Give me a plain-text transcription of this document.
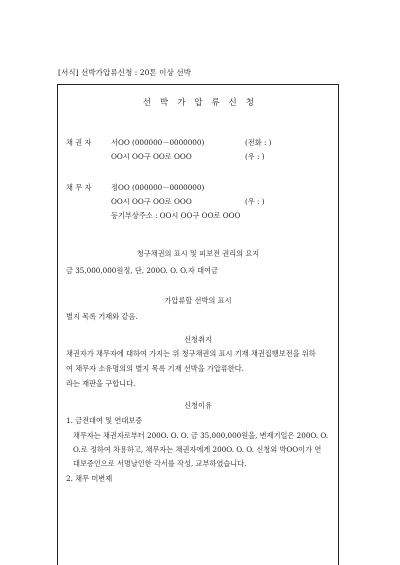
[서식] 선박가압류신청 : 20톤 이상 선박
선 박 가 압 류 신 청
채 권 자	서OO (000000－0000000)	(전화 : )
OO시 OO구 OO로 OOO	(우 : )
채 무 자	정OO (000000－0000000)
OO시 OO구 OO로 OOO	(우 : )
등기부상주소 : OO시 OO구 OO로 OOO
청구채권의 표시 및 피보전 권리의 요지
금 35,000,000원정, 단, 200O. O. O.자 대여금
가압류할 선박의 표시
별지 목록 기재와 같음.
신청취지
채권자가 채무자에 대하여 가지는 위 청구채권의 표시 기재 채권집행보전을 위하
여 채무자 소유명의의 별지 목록 기재 선박을 가압류한다.
라는 재판을 구합니다.
신청이유
1. 금전대여 및 연대보증
채무자는 채권자로부터 200O. O. O. 금 35,000,000원을, 변제기일은 200O. O.
O.로 정하여 차용하고, 채무자는 채권자에게 200O. O. O. 신청외 박OO이가 연
대보증인으로 서명날인한 각서를 작성, 교부하였습니다.
2. 채무 미변제
